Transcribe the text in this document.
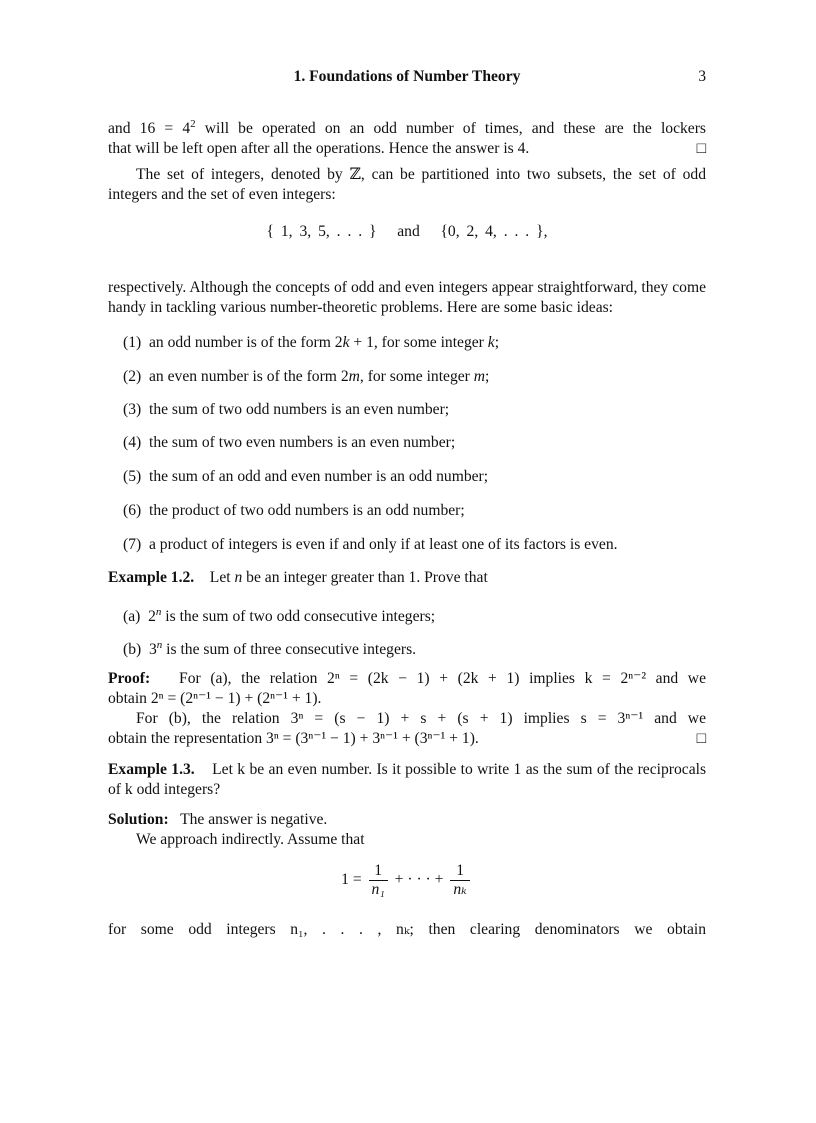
1. Foundations of Number Theory	3

and $16 = 4^2$ will be operated on an odd number of times, and these are the lockers

that will be left open after all the operations. Hence the answer is 4.	□

The set of integers, denoted by ℤ, can be partitioned into two subsets, the set of odd integers and the set of even integers:

{ 1, 3, 5, . . . }   and   {0, 2, 4, . . . },

respectively. Although the concepts of odd and even integers appear straightforward, they come handy in tackling various number-theoretic problems. Here are some basic ideas:

(1) an odd number is of the form 2k + 1, for some integer k;
(2) an even number is of the form 2m, for some integer m;
(3) the sum of two odd numbers is an even number;
(4) the sum of two even numbers is an even number;
(5) the sum of an odd and even number is an odd number;
(6) the product of two odd numbers is an odd number;
(7) a product of integers is even if and only if at least one of its factors is even.

Example 1.2. Let n be an integer greater than 1. Prove that

(a) 2$^n$ is the sum of two odd consecutive integers;
(b) 3$^n$ is the sum of three consecutive integers.

Proof: For (a), the relation 2ⁿ = (2k − 1) + (2k + 1) implies k = 2ⁿ⁻² and we

obtain 2ⁿ = (2ⁿ⁻¹ − 1) + (2ⁿ⁻¹ + 1).

For (b), the relation 3ⁿ = (s − 1) + s + (s + 1) implies s = 3ⁿ⁻¹ and we

obtain the representation 3ⁿ = (3ⁿ⁻¹ − 1) + 3ⁿ⁻¹ + (3ⁿ⁻¹ + 1).	□

Example 1.3. Let k be an even number. Is it possible to write 1 as the sum of the reciprocals of k odd integers?

Solution: The answer is negative.

We approach indirectly. Assume that

$1 = \frac{1}{\text{n₁}}$ + · · · + $\frac{1}{\text{nₖ}}$

for some odd integers n₁, . . . , nₖ; then clearing denominators we obtain
